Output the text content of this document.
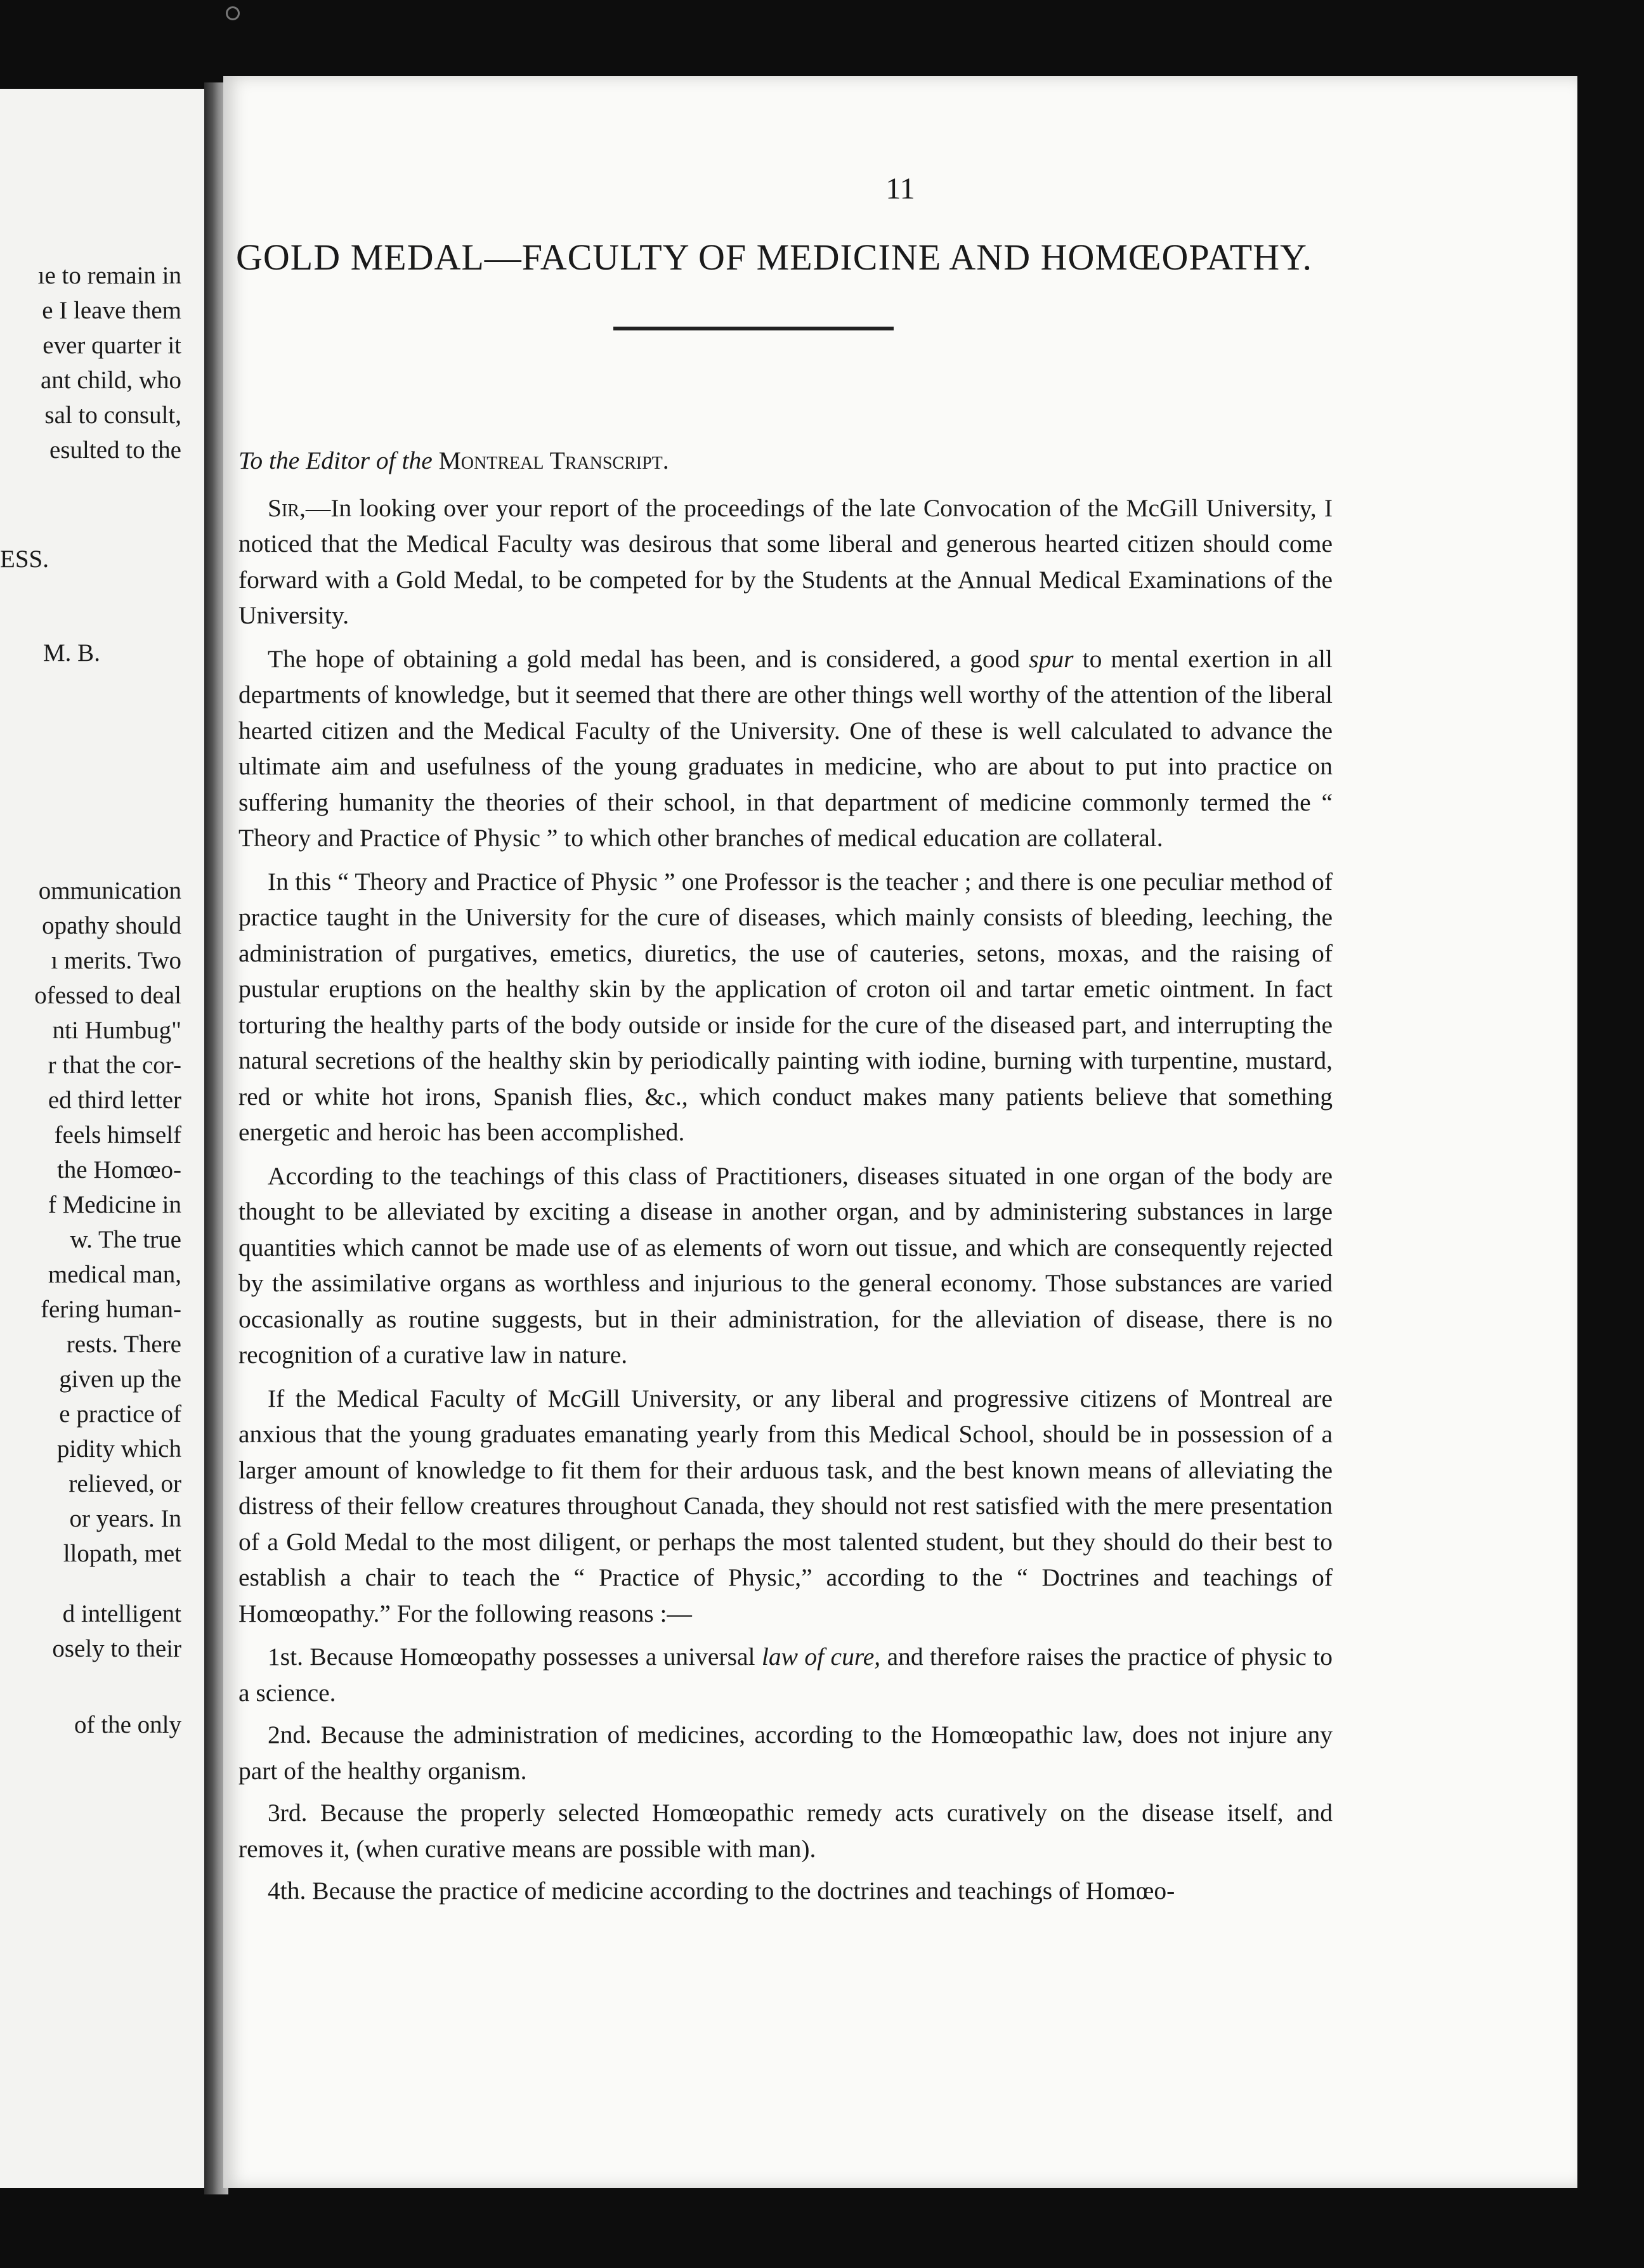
ıe to remain in
e I leave them
ever quarter it
ant child, who
sal to consult,
esulted to the
ESS.
M. B.
ommunication
opathy should
ı merits. Two
ofessed to deal
nti Humbug"
r that the cor-
ed third letter
feels himself
the Homœo-
f Medicine in
w. The true
medical man,
fering human-
rests. There
given up the
e practice of
pidity which
relieved, or
or years. In
llopath, met
d intelligent
osely to their
of the only
11
GOLD MEDAL—FACULTY OF MEDICINE AND HOMŒOPATHY.

To the Editor of the Montreal Transcript.

Sir,—In looking over your report of the proceedings of the late Convocation of the McGill University, I noticed that the Medical Faculty was desirous that some liberal and generous hearted citizen should come forward with a Gold Medal, to be competed for by the Students at the Annual Medical Examinations of the University.

The hope of obtaining a gold medal has been, and is considered, a good spur to mental exertion in all departments of knowledge, but it seemed that there are other things well worthy of the attention of the liberal hearted citizen and the Medical Faculty of the University. One of these is well calculated to advance the ultimate aim and usefulness of the young graduates in medicine, who are about to put into practice on suffering humanity the theories of their school, in that department of medicine commonly termed the “ Theory and Practice of Physic ” to which other branches of medical education are collateral.

In this “ Theory and Practice of Physic ” one Professor is the teacher ; and there is one peculiar method of practice taught in the University for the cure of diseases, which mainly consists of bleeding, leeching, the administration of purgatives, emetics, diuretics, the use of cauteries, setons, moxas, and the raising of pustular eruptions on the healthy skin by the application of croton oil and tartar emetic ointment. In fact torturing the healthy parts of the body outside or inside for the cure of the diseased part, and interrupting the natural secretions of the healthy skin by periodically painting with iodine, burning with turpentine, mustard, red or white hot irons, Spanish flies, &c., which conduct makes many patients believe that something energetic and heroic has been accomplished.

According to the teachings of this class of Practitioners, diseases situated in one organ of the body are thought to be alleviated by exciting a disease in another organ, and by administering substances in large quantities which cannot be made use of as elements of worn out tissue, and which are consequently rejected by the assimilative organs as worthless and injurious to the general economy. Those substances are varied occasionally as routine suggests, but in their administration, for the alleviation of disease, there is no recognition of a curative law in nature.

If the Medical Faculty of McGill University, or any liberal and progressive citizens of Montreal are anxious that the young graduates emanating yearly from this Medical School, should be in possession of a larger amount of knowledge to fit them for their arduous task, and the best known means of alleviating the distress of their fellow creatures throughout Canada, they should not rest satisfied with the mere presentation of a Gold Medal to the most diligent, or perhaps the most talented student, but they should do their best to establish a chair to teach the “ Practice of Physic,” according to the “ Doctrines and teachings of Homœopathy.” For the following reasons :—

1st. Because Homœopathy possesses a universal law of cure, and therefore raises the practice of physic to a science.

2nd. Because the administration of medicines, according to the Homœopathic law, does not injure any part of the healthy organism.

3rd. Because the properly selected Homœopathic remedy acts curatively on the disease itself, and removes it, (when curative means are possible with man).

4th. Because the practice of medicine according to the doctrines and teachings of Homœo-
